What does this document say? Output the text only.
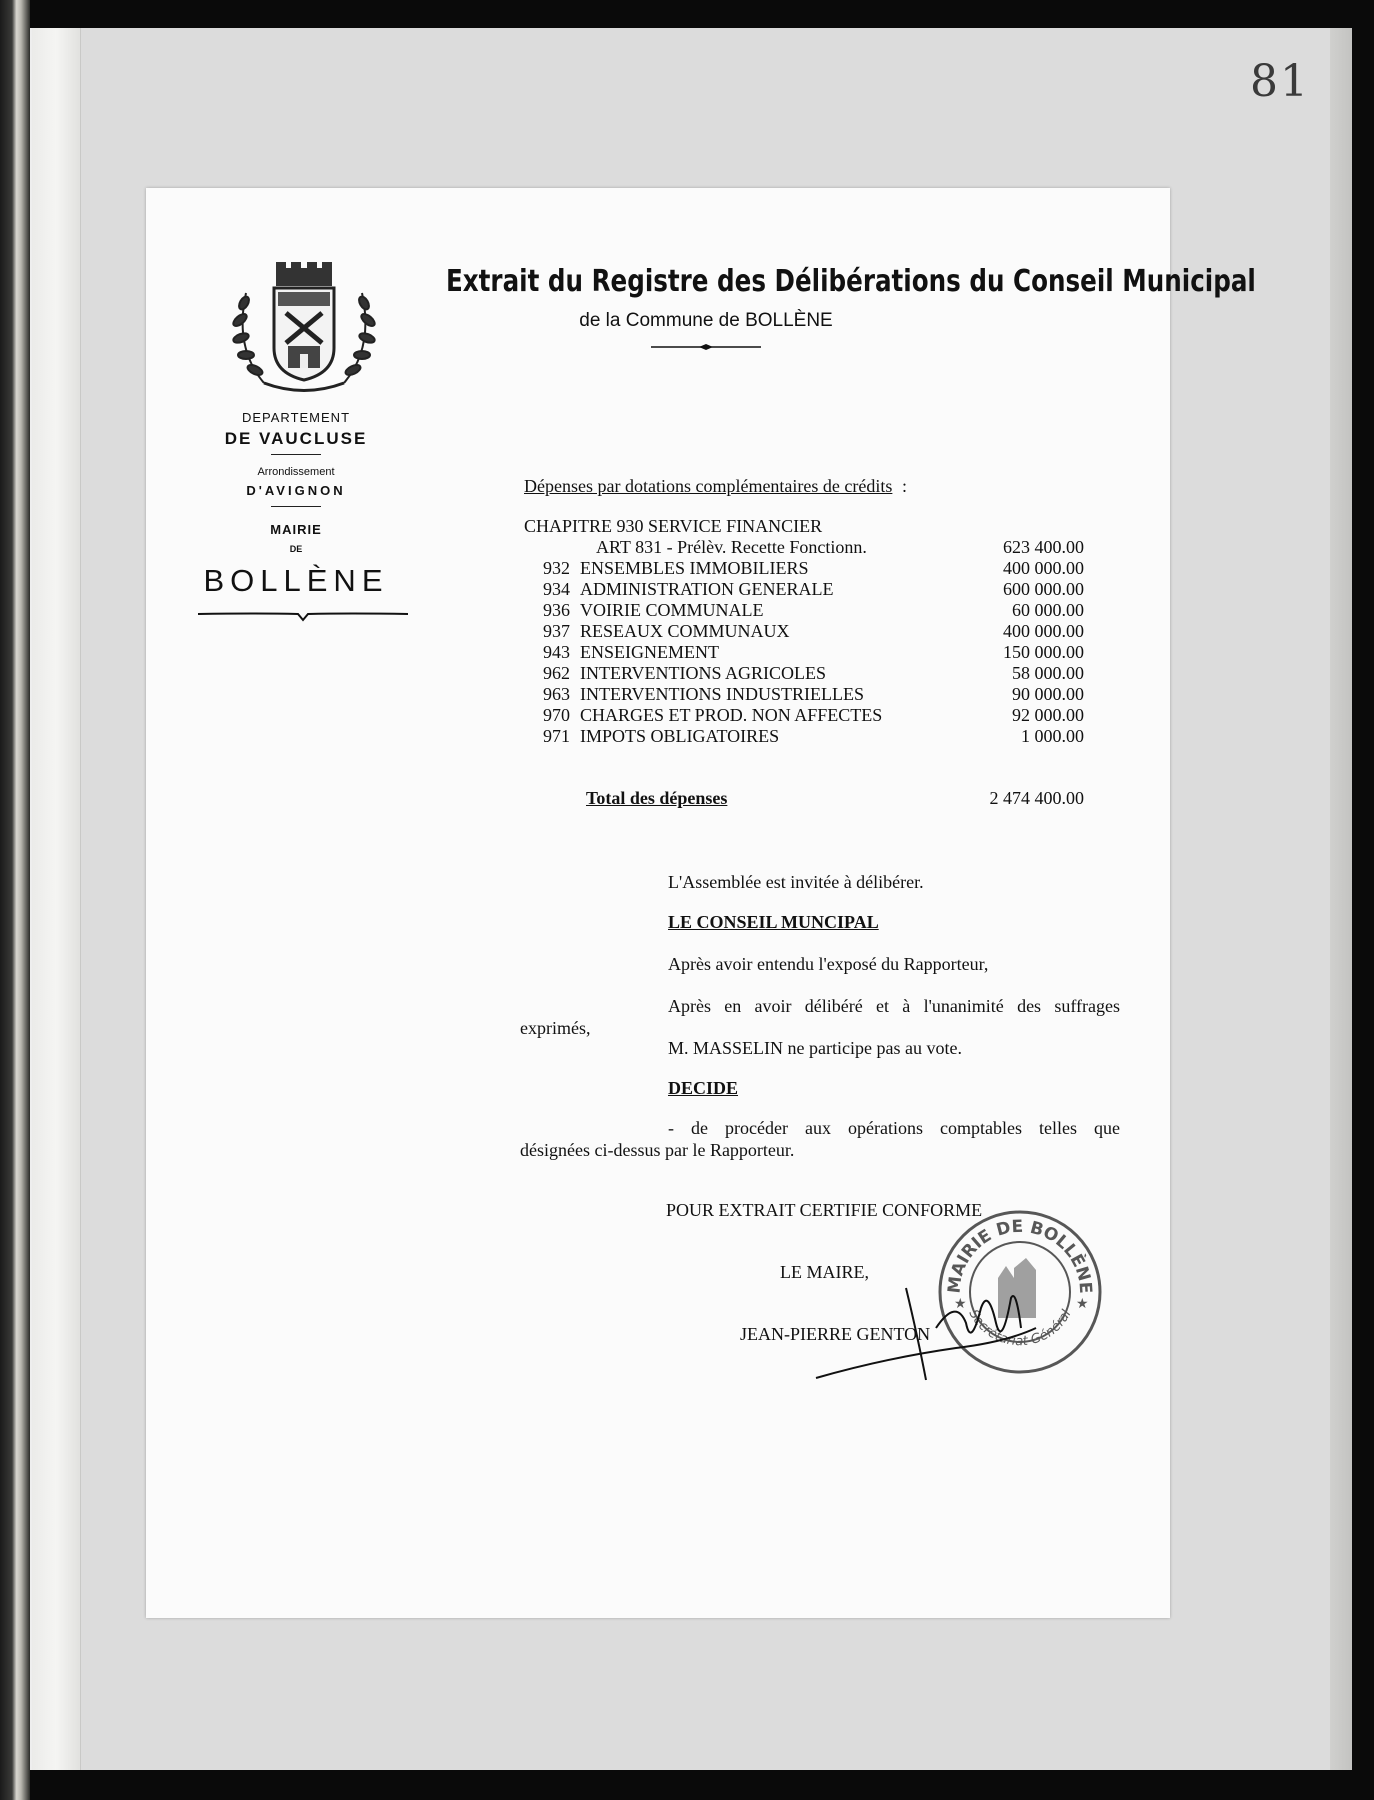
81
DEPARTEMENT
DE VAUCLUSE
Arrondissement
D'AVIGNON
MAIRIE
DE
BOLLÈNE
Extrait du Registre des Délibérations du Conseil Municipal
de la Commune de BOLLÈNE
Dépenses par dotations complémentaires de crédits :
CHAPITRE 930 SERVICE FINANCIER
ART 831 - Prélèv. Recette Fonctionn.	623 400.00
932 ENSEMBLES IMMOBILIERS	400 000.00
934 ADMINISTRATION GENERALE	600 000.00
936 VOIRIE COMMUNALE	60 000.00
937 RESEAUX COMMUNAUX	400 000.00
943 ENSEIGNEMENT	150 000.00
962 INTERVENTIONS AGRICOLES	58 000.00
963 INTERVENTIONS INDUSTRIELLES	90 000.00
970 CHARGES ET PROD. NON AFFECTES	92 000.00
971 IMPOTS OBLIGATOIRES	1 000.00
Total des dépenses	2 474 400.00
L'Assemblée est invitée à délibérer.
LE CONSEIL MUNCIPAL
Après avoir entendu l'exposé du Rapporteur,
Après en avoir délibéré et à l'unanimité des suffrages
exprimés,
M. MASSELIN ne participe pas au vote.
DECIDE
- de procéder aux opérations comptables telles que
désignées ci-dessus par le Rapporteur.
POUR EXTRAIT CERTIFIE CONFORME
LE MAIRE,
JEAN-PIERRE GENTON
MAIRIE DE BOLLÈNE
Secrétariat Général
★	★
